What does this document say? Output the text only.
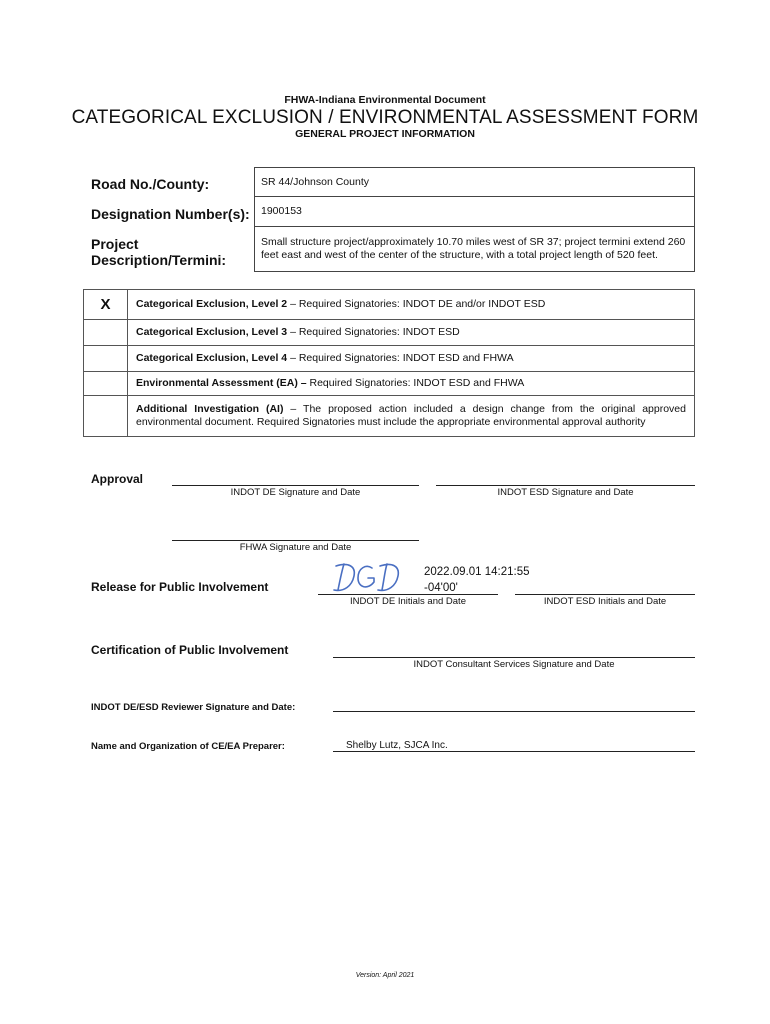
FHWA-Indiana Environmental Document
CATEGORICAL EXCLUSION / ENVIRONMENTAL ASSESSMENT FORM
GENERAL PROJECT INFORMATION
Road No./County:	SR 44/Johnson County
Designation Number(s):	1900153
Project
Description/Termini:
Small structure project/approximately 10.70 miles west of SR 37; project termini extend 260 feet east and west of the center of the structure, with a total project length of 520 feet.
X	Categorical Exclusion, Level 2 – Required Signatories: INDOT DE and/or INDOT ESD
Categorical Exclusion, Level 3 – Required Signatories: INDOT ESD
Categorical Exclusion, Level 4 – Required Signatories: INDOT ESD and FHWA
Environmental Assessment (EA) – Required Signatories: INDOT ESD and FHWA
Additional Investigation (AI) – The proposed action included a design change from the original approved environmental document. Required Signatories must include the appropriate environmental approval authority
Approval
INDOT DE Signature and Date	INDOT ESD Signature and Date
FHWA Signature and Date
Release for Public Involvement
2022.09.01 14:21:55
-04'00'
INDOT DE Initials and Date	INDOT ESD Initials and Date
Certification of Public Involvement
INDOT Consultant Services Signature and Date
INDOT DE/ESD Reviewer Signature and Date:
Name and Organization of CE/EA Preparer:	Shelby Lutz, SJCA Inc.
Version: April 2021
